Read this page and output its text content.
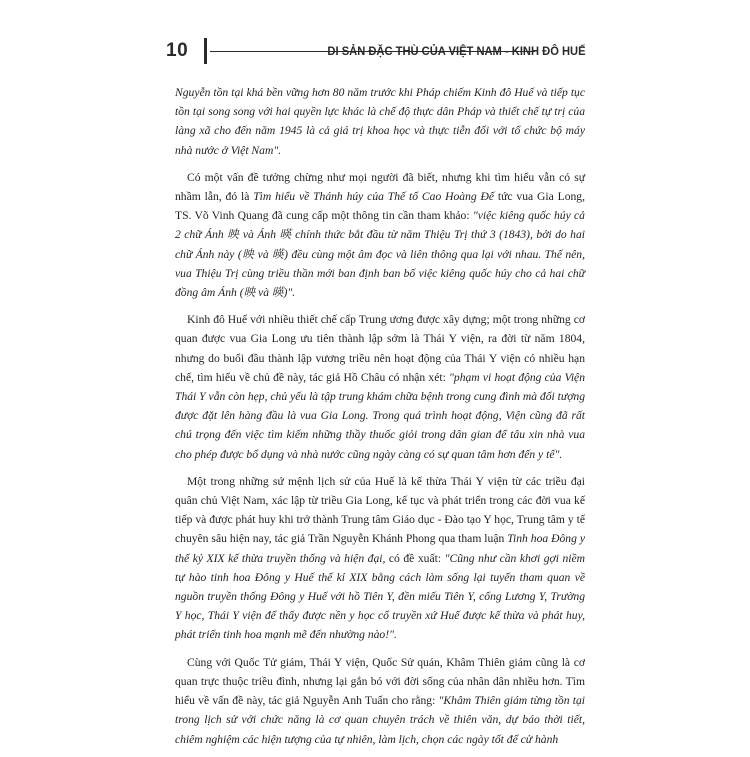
10	DI SẢN ĐẶC THÙ CỦA VIỆT NAM - KINH ĐÔ HUẾ

Nguyễn tồn tại khá bền vững hơn 80 năm trước khi Pháp chiếm Kinh đô Huế và tiếp tục tồn tại song song với hai quyền lực khác là chế độ thực dân Pháp và thiết chế tự trị của làng xã cho đến năm 1945 là cả giá trị khoa học và thực tiễn đối với tổ chức bộ máy nhà nước ở Việt Nam".

Có một vấn đề tưởng chừng như mọi người đã biết, nhưng khi tìm hiểu vẫn có sự nhầm lẫn, đó là Tìm hiểu về Thánh húy của Thế tổ Cao Hoàng Đế tức vua Gia Long, TS. Võ Vinh Quang đã cung cấp một thông tin cần tham khảo: "việc kiêng quốc húy cả 2 chữ Ánh 映 và Ánh 暎 chính thức bắt đầu từ năm Thiệu Trị thứ 3 (1843), bởi do hai chữ Ánh này (映 và 暎) đều cùng một âm đọc và liên thông qua lại với nhau. Thế nên, vua Thiệu Trị cùng triều thần mới ban định ban bố việc kiêng quốc húy cho cả hai chữ đồng âm Ánh (映 và 暎)".

Kinh đô Huế với nhiều thiết chế cấp Trung ương được xây dựng; một trong những cơ quan được vua Gia Long ưu tiên thành lập sớm là Thái Y viện, ra đời từ năm 1804, nhưng do buổi đầu thành lập vương triều nên hoạt động của Thái Y viện có nhiều hạn chế, tìm hiểu về chủ đề này, tác giả Hồ Châu có nhận xét: "phạm vi hoạt động của Viện Thái Y vẫn còn hẹp, chủ yếu là tập trung khám chữa bệnh trong cung đình mà đối tượng được đặt lên hàng đầu là vua Gia Long. Trong quá trình hoạt động, Viện cũng đã rất chú trọng đến việc tìm kiếm những thầy thuốc giỏi trong dân gian để tâu xin nhà vua cho phép được bổ dụng và nhà nước cũng ngày càng có sự quan tâm hơn đến y tế".

Một trong những sứ mệnh lịch sử của Huế là kế thừa Thái Y viện từ các triều đại quân chủ Việt Nam, xác lập từ triều Gia Long, kế tục và phát triển trong các đời vua kế tiếp và được phát huy khi trở thành Trung tâm Giáo dục - Đào tạo Y học, Trung tâm y tế chuyên sâu hiện nay, tác giả Trần Nguyễn Khánh Phong qua tham luận Tinh hoa Đông y thế kỷ XIX kế thừa truyền thống và hiện đại, có đề xuất: "Cũng như cần khơi gợi niềm tự hào tinh hoa Đông y Huế thế kỉ XIX bằng cách làm sống lại tuyến tham quan về nguồn truyền thống Đông y Huế với hồ Tiên Y, đền miếu Tiên Y, cổng Lương Y, Trường Y học, Thái Y viện để thấy được nền y học cổ truyền xứ Huế được kế thừa và phát huy, phát triển tinh hoa mạnh mẽ đến nhường nào!".

Cùng với Quốc Tử giám, Thái Y viện, Quốc Sử quán, Khâm Thiên giám cũng là cơ quan trực thuộc triều đình, nhưng lại gắn bó với đời sống của nhân dân nhiều hơn. Tìm hiểu về vấn đề này, tác giả Nguyễn Anh Tuấn cho rằng: "Khâm Thiên giám từng tồn tại trong lịch sử với chức năng là cơ quan chuyên trách về thiên văn, dự báo thời tiết, chiêm nghiệm các hiện tượng của tự nhiên, làm lịch, chọn các ngày tốt để cử hành
